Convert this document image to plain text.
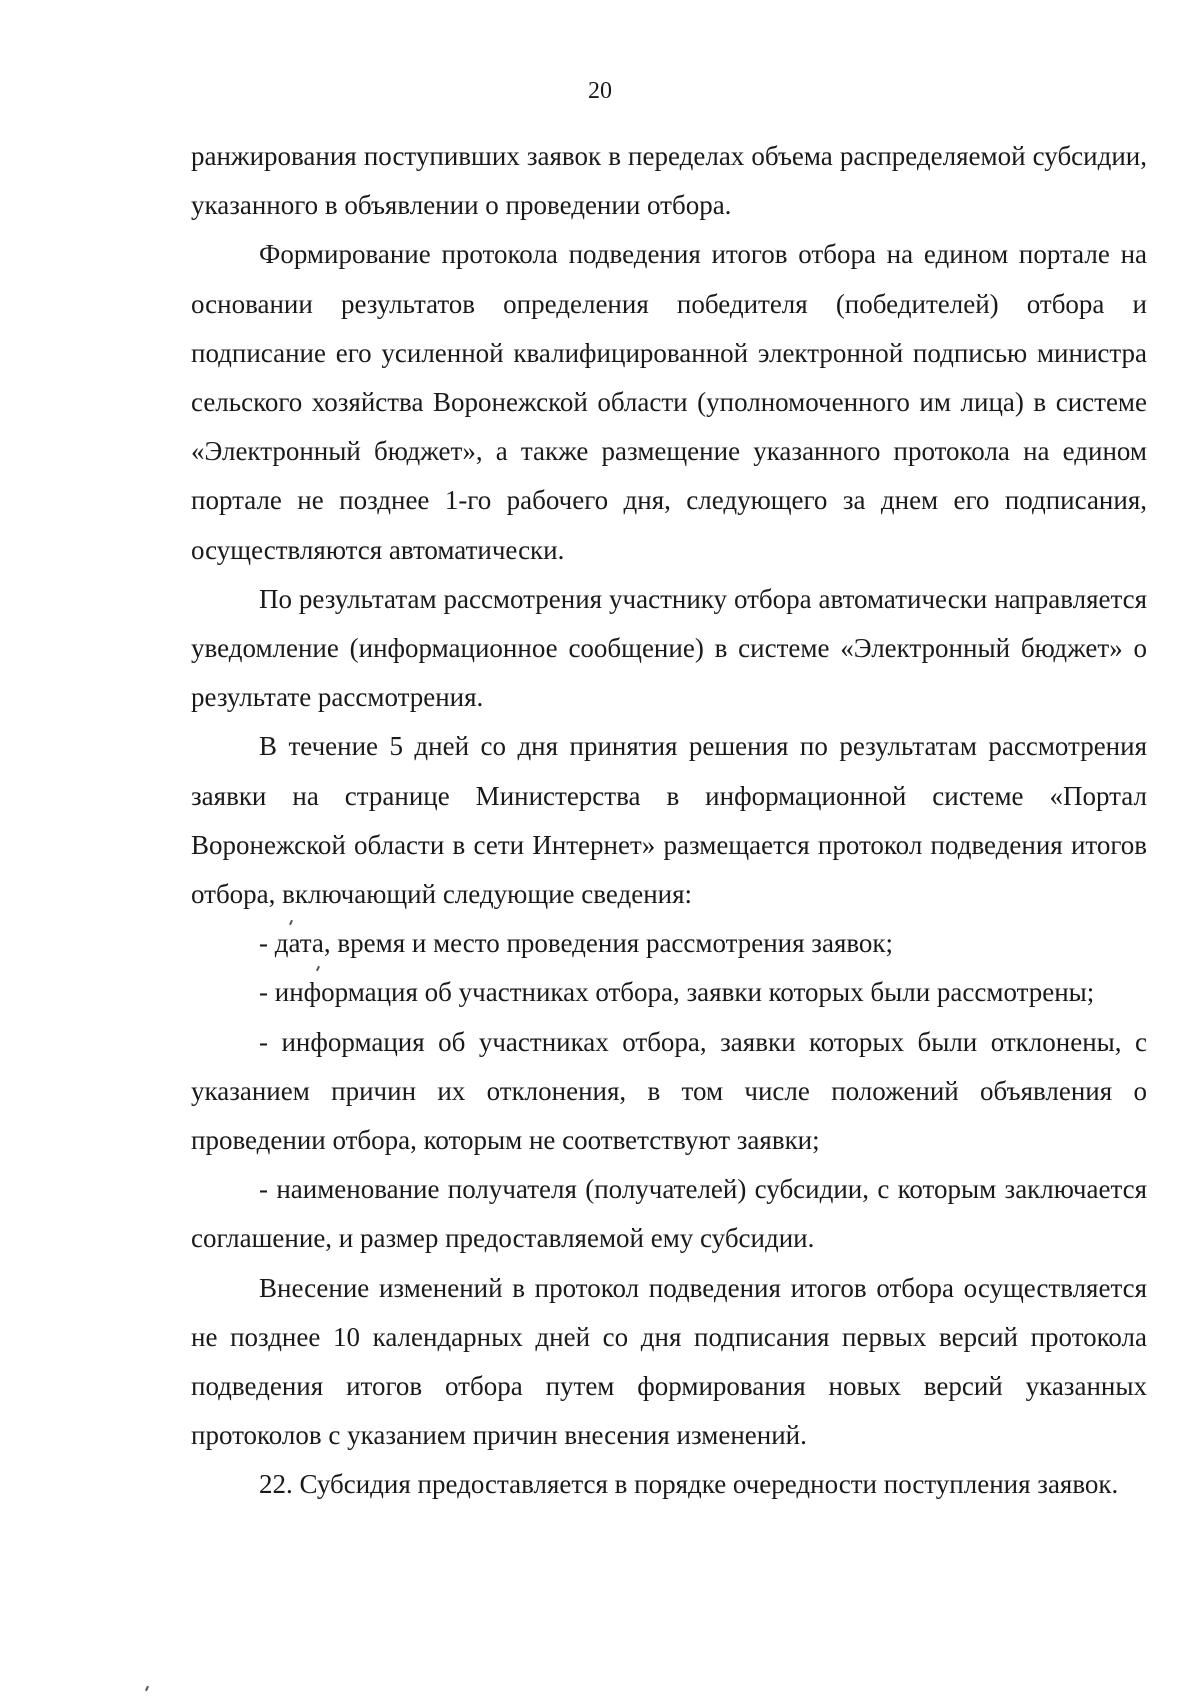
20

ранжирования поступивших заявок в переделах объема распределяемой субсидии, указанного в объявлении о проведении отбора.

Формирование протокола подведения итогов отбора на едином портале на основании результатов определения победителя (победителей) отбора и подписание его усиленной квалифицированной электронной подписью министра сельского хозяйства Воронежской области (уполномоченного им лица) в системе «Электронный бюджет», а также размещение указанного протокола на едином портале не позднее 1-го рабочего дня, следующего за днем его подписания, осуществляются автоматически.

По результатам рассмотрения участнику отбора автоматически направляется уведомление (информационное сообщение) в системе «Электронный бюджет» о результате рассмотрения.

В течение 5 дней со дня принятия решения по результатам рассмотрения заявки на странице Министерства в информационной системе «Портал Воронежской области в сети Интернет» размещается протокол подведения итогов отбора, включающий следующие сведения:

- дата, время и место проведения рассмотрения заявок;

- информация об участниках отбора, заявки которых были рассмотрены;

- информация об участниках отбора, заявки которых были отклонены, с указанием причин их отклонения, в том числе положений объявления о проведении отбора, которым не соответствуют заявки;

- наименование получателя (получателей) субсидии, с которым заключается соглашение, и размер предоставляемой ему субсидии.

Внесение изменений в протокол подведения итогов отбора осуществляется не позднее 10 календарных дней со дня подписания первых версий протокола подведения итогов отбора путем формирования новых версий указанных протоколов с указанием причин внесения изменений.

22. Субсидия предоставляется в порядке очередности поступления заявок.
